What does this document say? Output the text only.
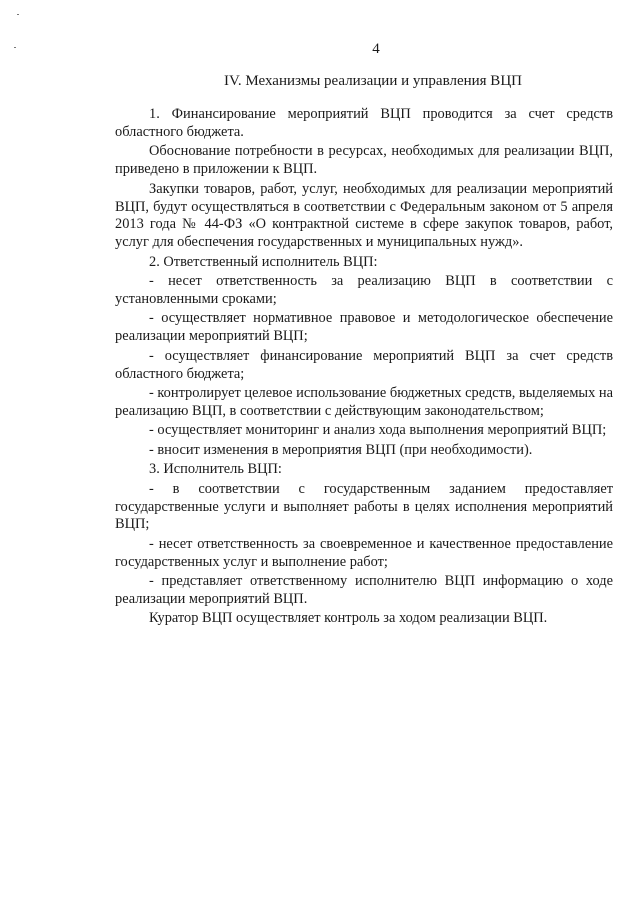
4
IV. Механизмы реализации и управления ВЦП

1. Финансирование мероприятий ВЦП проводится за счет средств областного бюджета.

Обоснование потребности в ресурсах, необходимых для реализации ВЦП, приведено в приложении к ВЦП.

Закупки товаров, работ, услуг, необходимых для реализации мероприятий ВЦП, будут осуществляться в соответствии с Федеральным законом от 5 апреля 2013 года № 44-ФЗ «О контрактной системе в сфере закупок товаров, работ, услуг для обеспечения государственных и муниципальных нужд».

2. Ответственный исполнитель ВЦП:

- несет ответственность за реализацию ВЦП в соответствии с установленными сроками;

- осуществляет нормативное правовое и методологическое обеспечение реализации мероприятий ВЦП;

- осуществляет финансирование мероприятий ВЦП за счет средств областного бюджета;

- контролирует целевое использование бюджетных средств, выделяемых на реализацию ВЦП, в соответствии с действующим законодательством;

- осуществляет мониторинг и анализ хода выполнения мероприятий ВЦП;

- вносит изменения в мероприятия ВЦП (при необходимости).

3. Исполнитель ВЦП:

- в соответствии с государственным заданием предоставляет государственные услуги и выполняет работы в целях исполнения мероприятий ВЦП;

- несет ответственность за своевременное и качественное предоставление государственных услуг и выполнение работ;

- представляет ответственному исполнителю ВЦП информацию о ходе реализации мероприятий ВЦП.

Куратор ВЦП осуществляет контроль за ходом реализации ВЦП.
